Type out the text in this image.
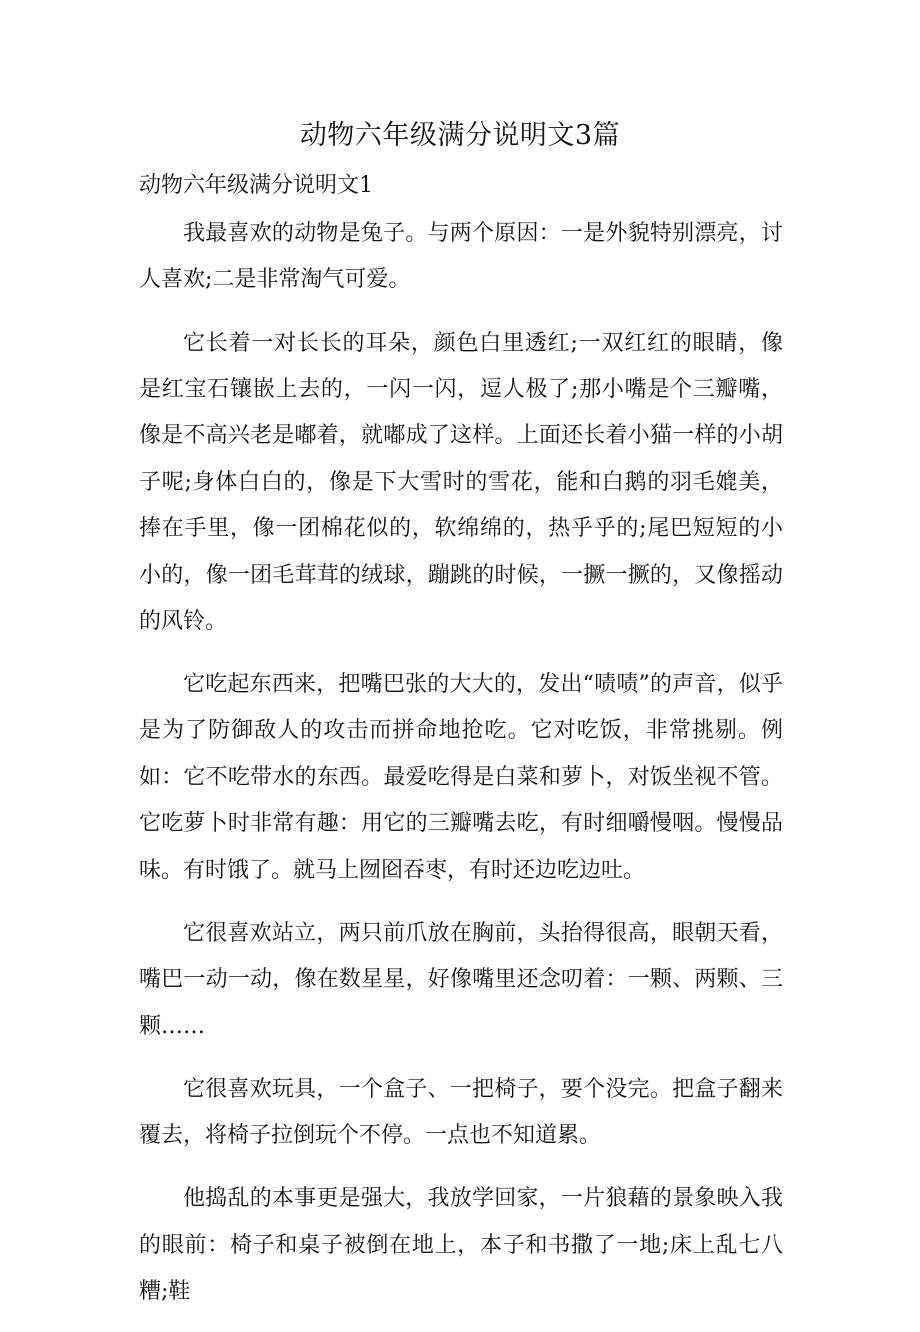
动物六年级满分说明文3篇
动物六年级满分说明文1

我最喜欢的动物是兔子。与两个原因：一是外貌特别漂亮，讨人喜欢;二是非常淘气可爱。

它长着一对长长的耳朵，颜色白里透红;一双红红的眼睛，像是红宝石镶嵌上去的，一闪一闪，逗人极了;那小嘴是个三瓣嘴，像是不高兴老是嘟着，就嘟成了这样。上面还长着小猫一样的小胡子呢;身体白白的，像是下大雪时的雪花，能和白鹅的羽毛媲美，捧在手里，像一团棉花似的，软绵绵的，热乎乎的;尾巴短短的小小的，像一团毛茸茸的绒球，蹦跳的时候，一撅一撅的，又像摇动的风铃。

它吃起东西来，把嘴巴张的大大的，发出“啧啧”的声音，似乎是为了防御敌人的攻击而拼命地抢吃。它对吃饭，非常挑剔。例如：它不吃带水的东西。最爱吃得是白菜和萝卜，对饭坐视不管。它吃萝卜时非常有趣：用它的三瓣嘴去吃，有时细嚼慢咽。慢慢品味。有时饿了。就马上囫囵吞枣，有时还边吃边吐。

它很喜欢站立，两只前爪放在胸前，头抬得很高，眼朝天看，嘴巴一动一动，像在数星星，好像嘴里还念叨着：一颗、两颗、三颗……

它很喜欢玩具，一个盒子、一把椅子，要个没完。把盒子翻来覆去，将椅子拉倒玩个不停。一点也不知道累。

他捣乱的本事更是强大，我放学回家，一片狼藉的景象映入我的眼前：椅子和桌子被倒在地上，本子和书撒了一地;床上乱七八糟;鞋
